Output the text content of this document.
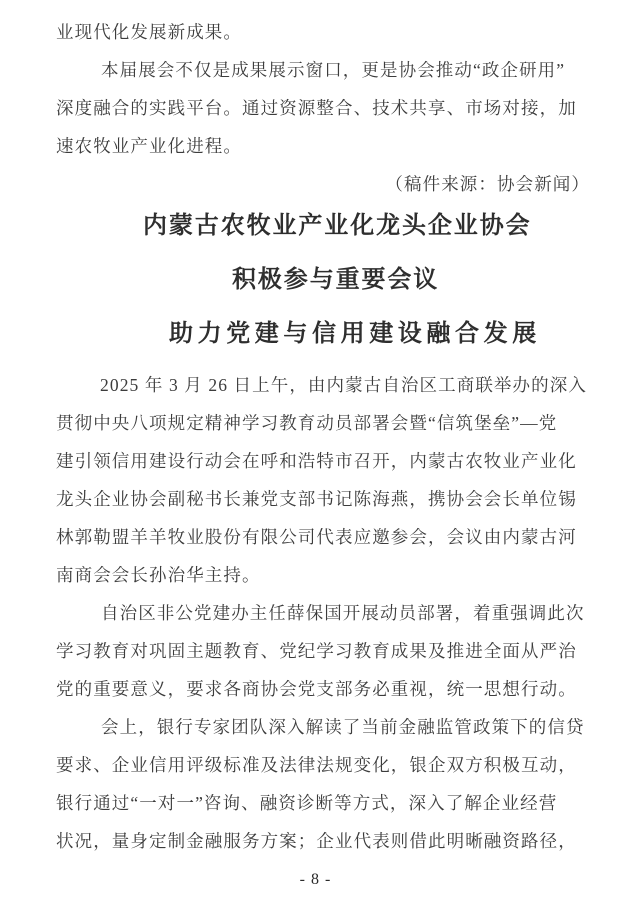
业现代化发展新成果。
本届展会不仅是成果展示窗口，更是协会推动“政企研用”
深度融合的实践平台。通过资源整合、技术共享、市场对接，加
速农牧业产业化进程。
（稿件来源：协会新闻）
内蒙古农牧业产业化龙头企业协会
积极参与重要会议
助力党建与信用建设融合发展
2025 年 3 月 26 日上午，由内蒙古自治区工商联举办的深入
贯彻中央八项规定精神学习教育动员部署会暨“信筑堡垒”—党
建引领信用建设行动会在呼和浩特市召开，内蒙古农牧业产业化
龙头企业协会副秘书长兼党支部书记陈海燕，携协会会长单位锡
林郭勒盟羊羊牧业股份有限公司代表应邀参会，会议由内蒙古河
南商会会长孙治华主持。
自治区非公党建办主任薛保国开展动员部署，着重强调此次
学习教育对巩固主题教育、党纪学习教育成果及推进全面从严治
党的重要意义，要求各商协会党支部务必重视，统一思想行动。
会上，银行专家团队深入解读了当前金融监管政策下的信贷
要求、企业信用评级标准及法律法规变化，银企双方积极互动，
银行通过“一对一”咨询、融资诊断等方式，深入了解企业经营
状况，量身定制金融服务方案；企业代表则借此明晰融资路径，
- 8 -
